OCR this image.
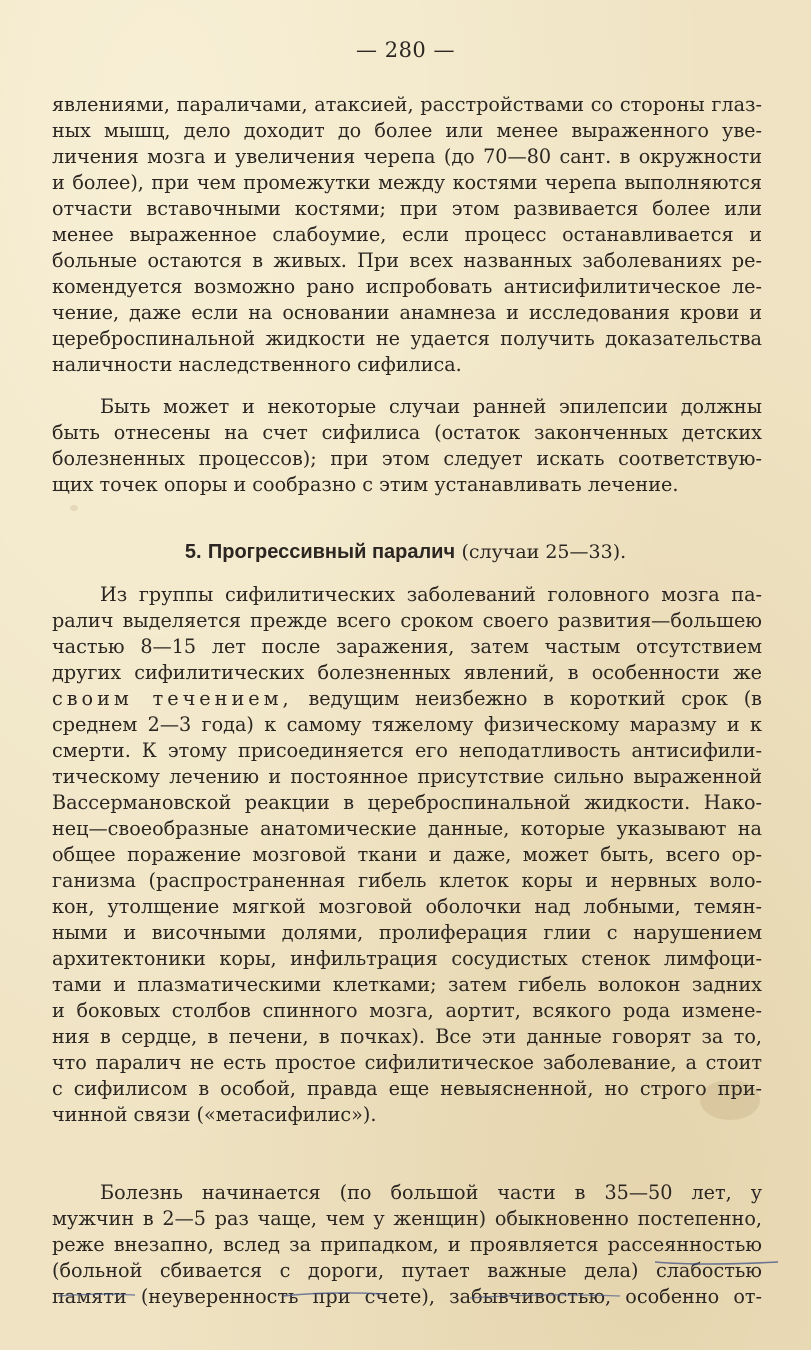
— 280 —
явлениями, параличами, атаксией, расстройствами со стороны глаз-
ных мышц, дело доходит до более или менее выраженного уве-
личения мозга и увеличения черепа (до 70—80 сант. в окружности
и более), при чем промежутки между костями черепа выполняются
отчасти вставочными костями; при этом развивается более или
менее выраженное слабоумие, если процесс останавливается и
больные остаются в живых. При всех названных заболеваниях ре-
комендуется возможно рано испробовать антисифилитическое ле-
чение, даже если на основании анамнеза и исследования крови и
цереброспинальной жидкости не удается получить доказательства
наличности наследственного сифилиса.
Быть может и некоторые случаи ранней эпилепсии должны
быть отнесены на счет сифилиса (остаток законченных детских
болезненных процессов); при этом следует искать соответствую-
щих точек опоры и сообразно с этим устанавливать лечение.
5. Прогрессивный паралич (случаи 25—33).
Из группы сифилитических заболеваний головного мозга па-
ралич выделяется прежде всего сроком своего развития—большею
частью 8—15 лет после заражения, затем частым отсутствием
других сифилитических болезненных явлений, в особенности же
своим течением, ведущим неизбежно в короткий срок (в
среднем 2—3 года) к самому тяжелому физическому маразму и к
смерти. К этому присоединяется его неподатливость антисифили-
тическому лечению и постоянное присутствие сильно выраженной
Вассермановской реакции в цереброспинальной жидкости. Нако-
нец—своеобразные анатомические данные, которые указывают на
общее поражение мозговой ткани и даже, может быть, всего ор-
ганизма (распространенная гибель клеток коры и нервных воло-
кон, утолщение мягкой мозговой оболочки над лобными, темян-
ными и височными долями, пролиферация глии с нарушением
архитектоники коры, инфильтрация сосудистых стенок лимфоци-
тами и плазматическими клетками; затем гибель волокон задних
и боковых столбов спинного мозга, аортит, всякого рода измене-
ния в сердце, в печени, в почках). Все эти данные говорят за то,
что паралич не есть простое сифилитическое заболевание, а стоит
с сифилисом в особой, правда еще невыясненной, но строго при-
чинной связи («метасифилис»).
Болезнь начинается (по большой части в 35—50 лет, у
мужчин в 2—5 раз чаще, чем у женщин) обыкновенно постепенно,
реже внезапно, вслед за припадком, и проявляется рассеянностью
(больной сбивается с дороги, путает важные дела) слабостью
памяти (неуверенность при счете), забывчивостью, особенно от-
